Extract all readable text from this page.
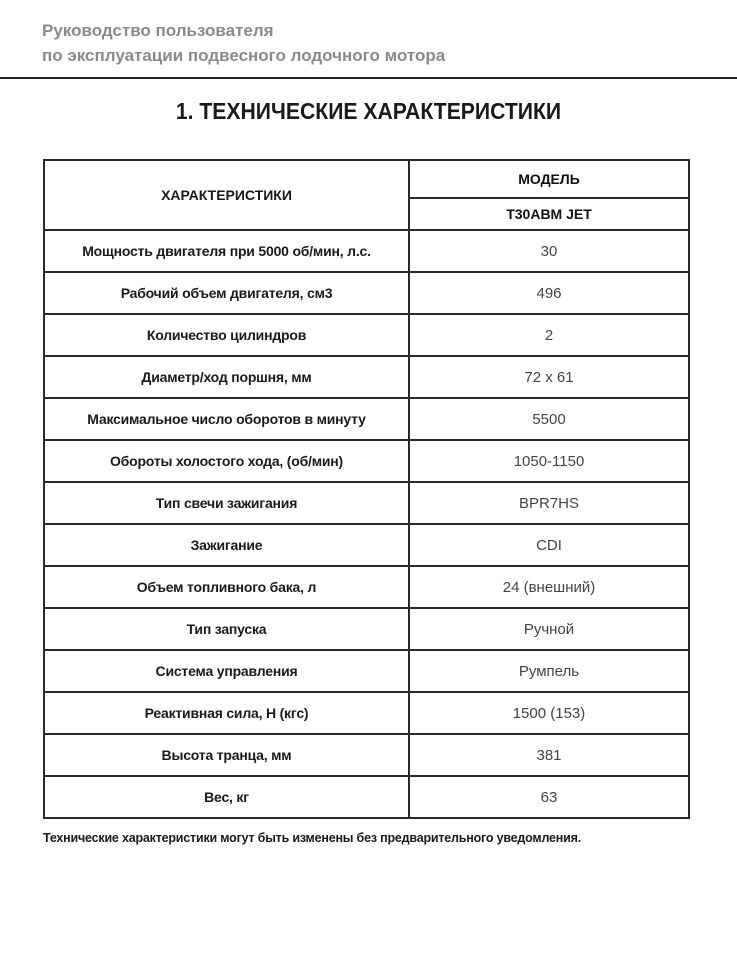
Руководство пользователя
по эксплуатации подвесного лодочного мотора
1. ТЕХНИЧЕСКИЕ ХАРАКТЕРИСТИКИ
ХАРАКТЕРИСТИКИ	МОДЕЛЬ
	T30ABM JET
Мощность двигателя при 5000 об/мин, л.с.	30
Рабочий объем двигателя, см3	496
Количество цилиндров	2
Диаметр/ход поршня, мм	72 x 61
Максимальное число оборотов в минуту	5500
Обороты холостого хода, (об/мин)	1050-1150
Тип свечи зажигания	BPR7HS
Зажигание	CDI
Объем топливного бака, л	24 (внешний)
Тип запуска	Ручной
Система управления	Румпель
Реактивная сила, Н (кгс)	1500 (153)
Высота транца, мм	381
Вес, кг	63
Технические характеристики могут быть изменены без предварительного уведомления.
